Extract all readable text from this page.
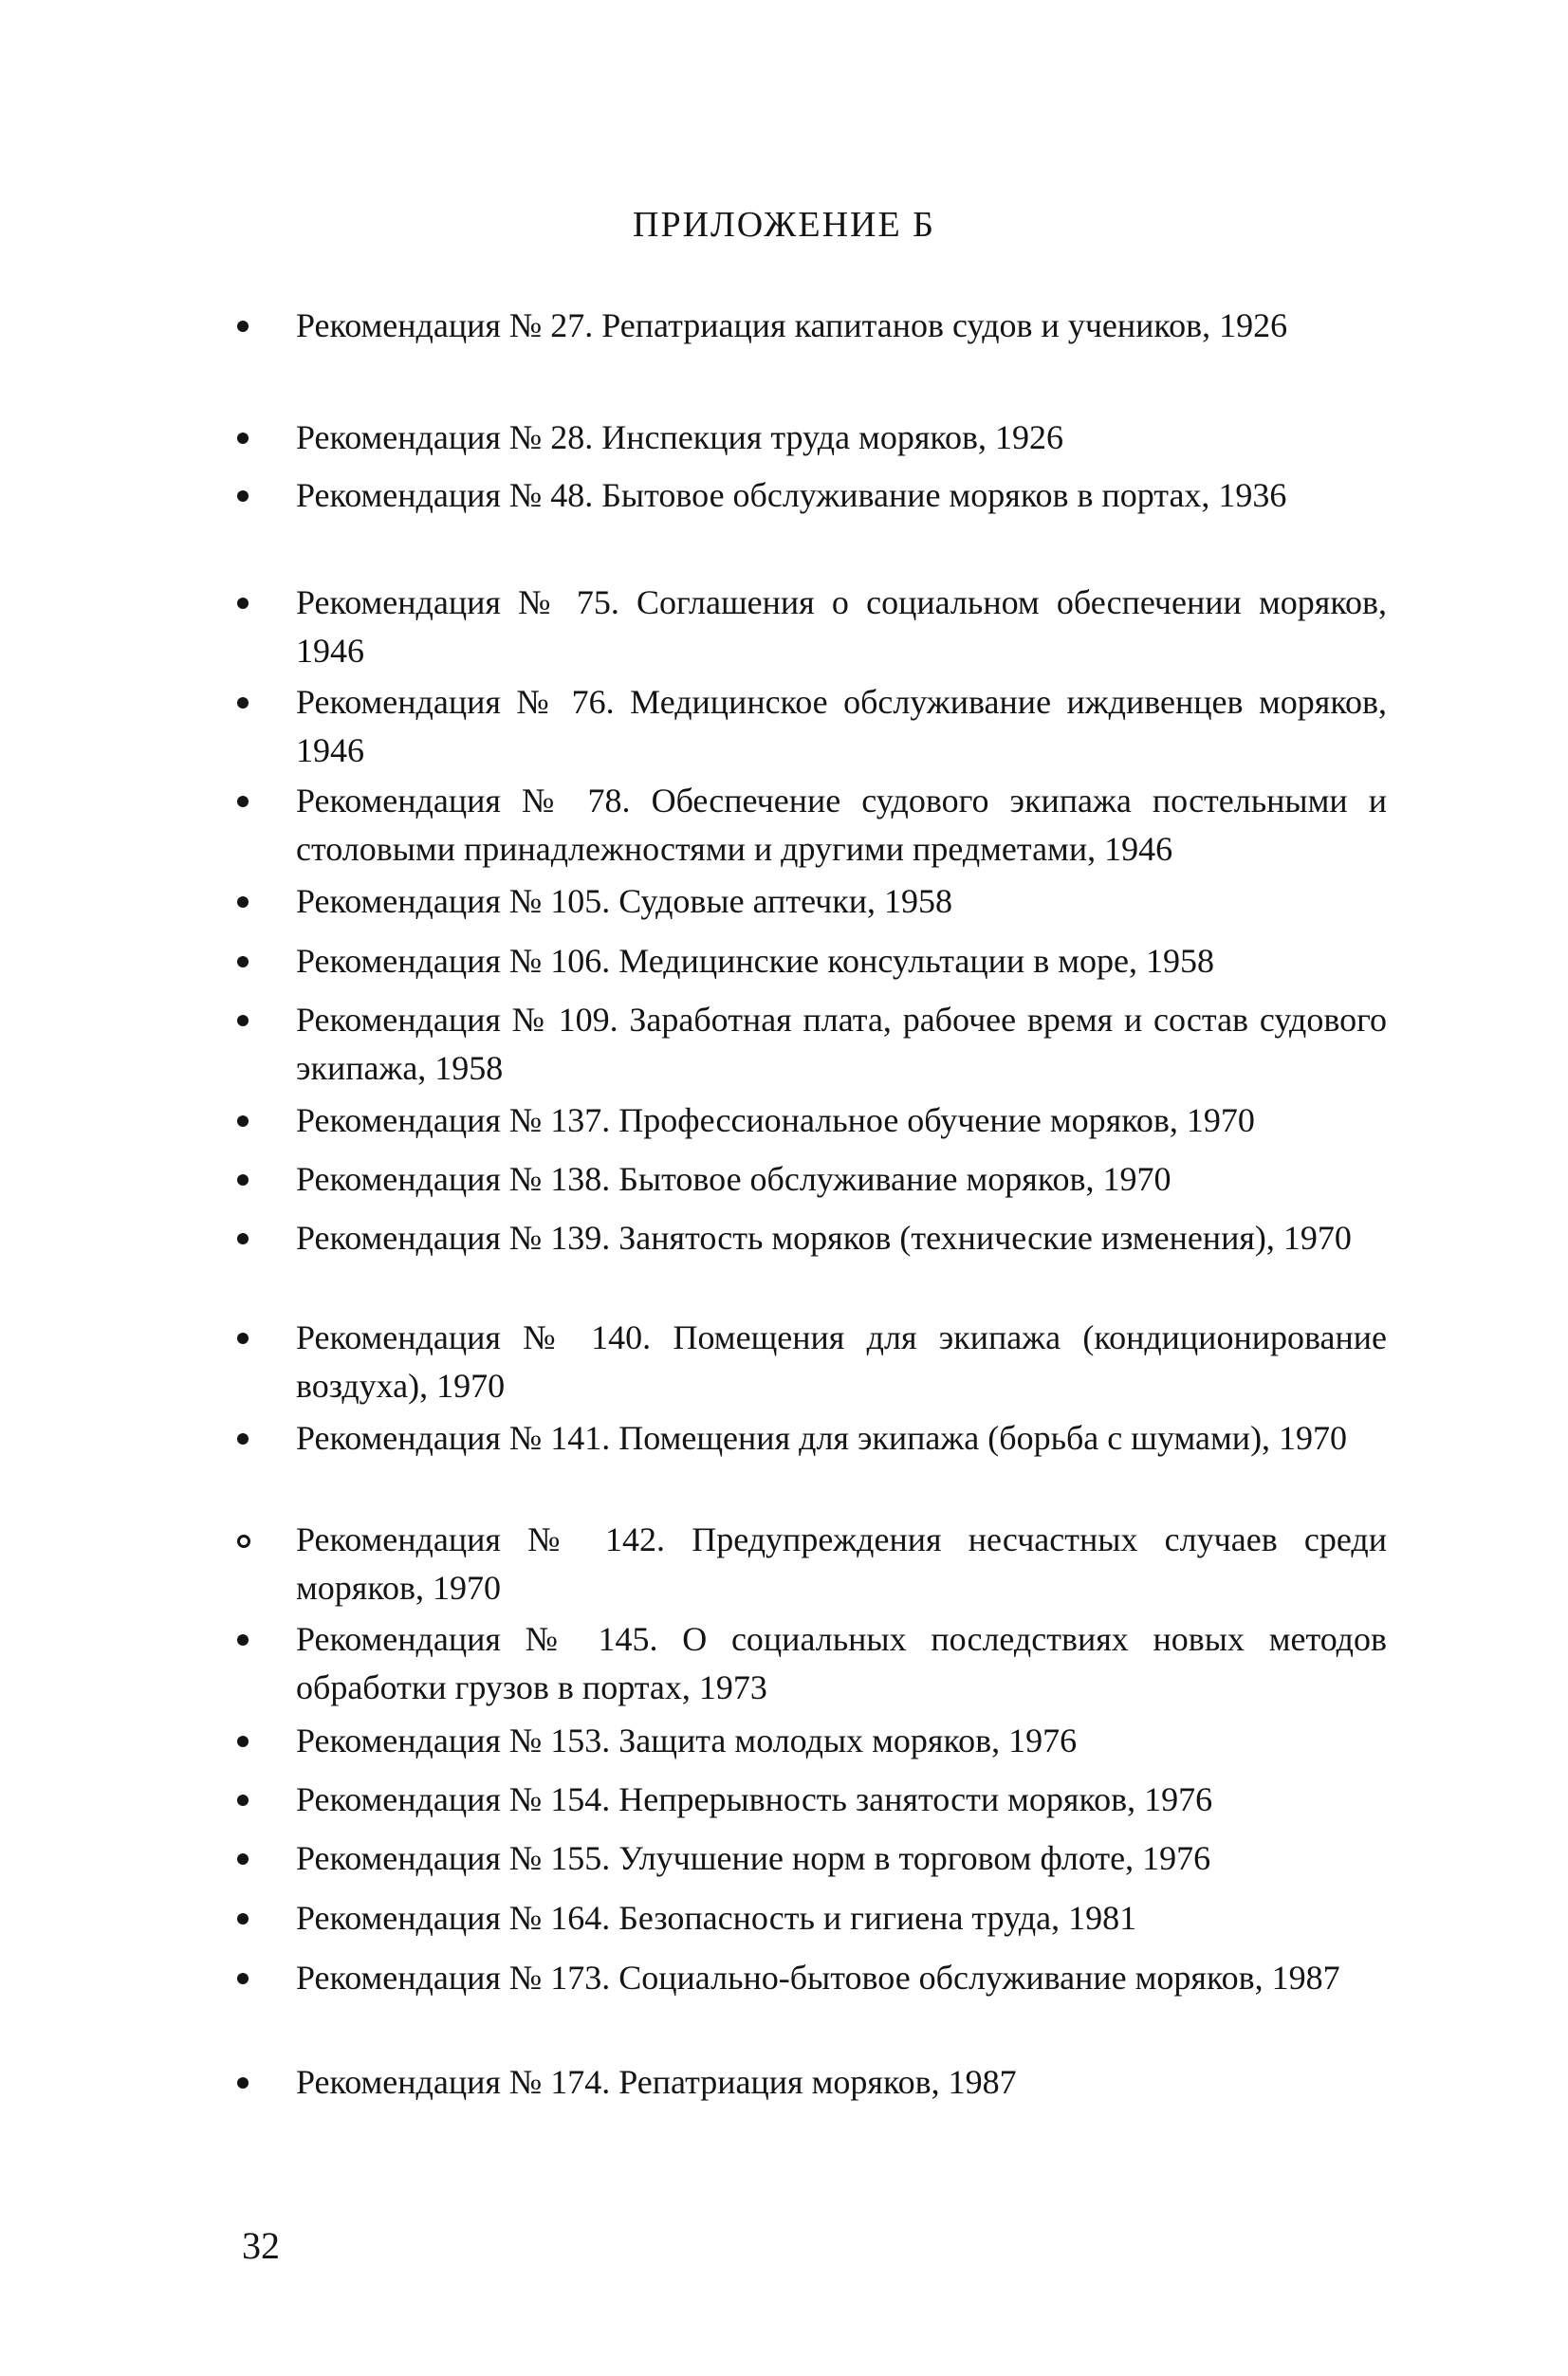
ПРИЛОЖЕНИЕ Б

Рекомендация № 27. Репатриация капитанов судов и учеников, 1926

Рекомендация № 28. Инспекция труда моряков, 1926

Рекомендация № 48. Бытовое обслуживание моряков в портах, 1936

Рекомендация № 75. Соглашения о социальном обеспечении моряков, 1946

Рекомендация № 76. Медицинское обслуживание иждивенцев моряков, 1946

Рекомендация № 78. Обеспечение судового экипажа постельными и столовыми принадлежностями и другими предметами, 1946

Рекомендация № 105. Судовые аптечки, 1958

Рекомендация № 106. Медицинские консультации в море, 1958

Рекомендация № 109. Заработная плата, рабочее время и состав судового экипажа, 1958

Рекомендация № 137. Профессиональное обучение моряков, 1970

Рекомендация № 138. Бытовое обслуживание моряков, 1970

Рекомендация № 139. Занятость моряков (технические изменения), 1970

Рекомендация № 140. Помещения для экипажа (кондиционирование воздуха), 1970

Рекомендация № 141. Помещения для экипажа (борьба с шумами), 1970

Рекомендация № 142. Предупреждения несчастных случаев среди моряков, 1970

Рекомендация № 145. О социальных последствиях новых методов обработки грузов в портах, 1973

Рекомендация № 153. Защита молодых моряков, 1976

Рекомендация № 154. Непрерывность занятости моряков, 1976

Рекомендация № 155. Улучшение норм в торговом флоте, 1976

Рекомендация № 164. Безопасность и гигиена труда, 1981

Рекомендация № 173. Социально-бытовое обслуживание моряков, 1987

Рекомендация № 174. Репатриация моряков, 1987

32
